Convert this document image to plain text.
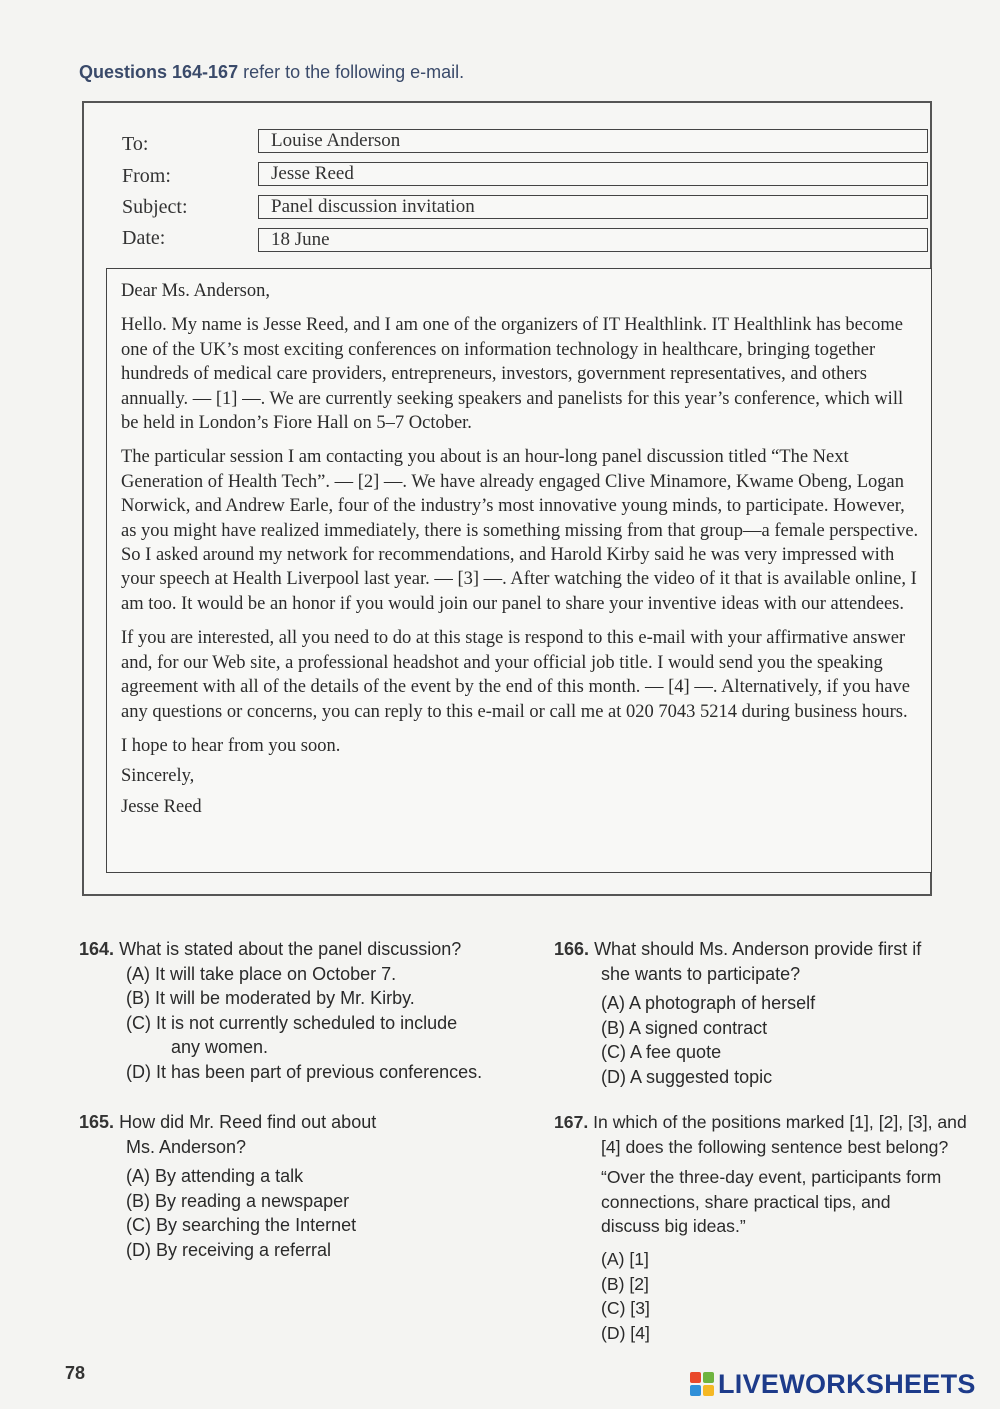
Questions 164-167 refer to the following e-mail.
To:	Louise Anderson
From:	Jesse Reed
Subject:	Panel discussion invitation
Date:	18 June

Dear Ms. Anderson,

Hello. My name is Jesse Reed, and I am one of the organizers of IT Healthlink. IT Healthlink has become one of the UK’s most exciting conferences on information technology in healthcare, bringing together hundreds of medical care providers, entrepreneurs, investors, government representatives, and others annually. — [1] —. We are currently seeking speakers and panelists for this year’s conference, which will be held in London’s Fiore Hall on 5–7 October.

The particular session I am contacting you about is an hour-long panel discussion titled “The Next Generation of Health Tech”. — [2] —. We have already engaged Clive Minamore, Kwame Obeng, Logan Norwick, and Andrew Earle, four of the industry’s most innovative young minds, to participate. However, as you might have realized immediately, there is something missing from that group—a female perspective. So I asked around my network for recommendations, and Harold Kirby said he was very impressed with your speech at Health Liverpool last year. — [3] —. After watching the video of it that is available online, I am too. It would be an honor if you would join our panel to share your inventive ideas with our attendees.

If you are interested, all you need to do at this stage is respond to this e-mail with your affirmative answer and, for our Web site, a professional headshot and your official job title. I would send you the speaking agreement with all of the details of the event by the end of this month. — [4] —. Alternatively, if you have any questions or concerns, you can reply to this e-mail or call me at 020 7043 5214 during business hours.

I hope to hear from you soon.

Sincerely,

Jesse Reed

164. What is stated about the panel discussion?
(A) It will take place on October 7.
(B) It will be moderated by Mr. Kirby.
(C) It is not currently scheduled to include
any women.
(D) It has been part of previous conferences.
165. How did Mr. Reed find out about
Ms. Anderson?
(A) By attending a talk
(B) By reading a newspaper
(C) By searching the Internet
(D) By receiving a referral
166. What should Ms. Anderson provide first if
she wants to participate?
(A) A photograph of herself
(B) A signed contract
(C) A fee quote
(D) A suggested topic
167. In which of the positions marked [1], [2], [3], and
[4] does the following sentence best belong?
“Over the three-day event, participants form
connections, share practical tips, and
discuss big ideas.”
(A) [1]
(B) [2]
(C) [3]
(D) [4]
78	LIVEWORKSHEETS
